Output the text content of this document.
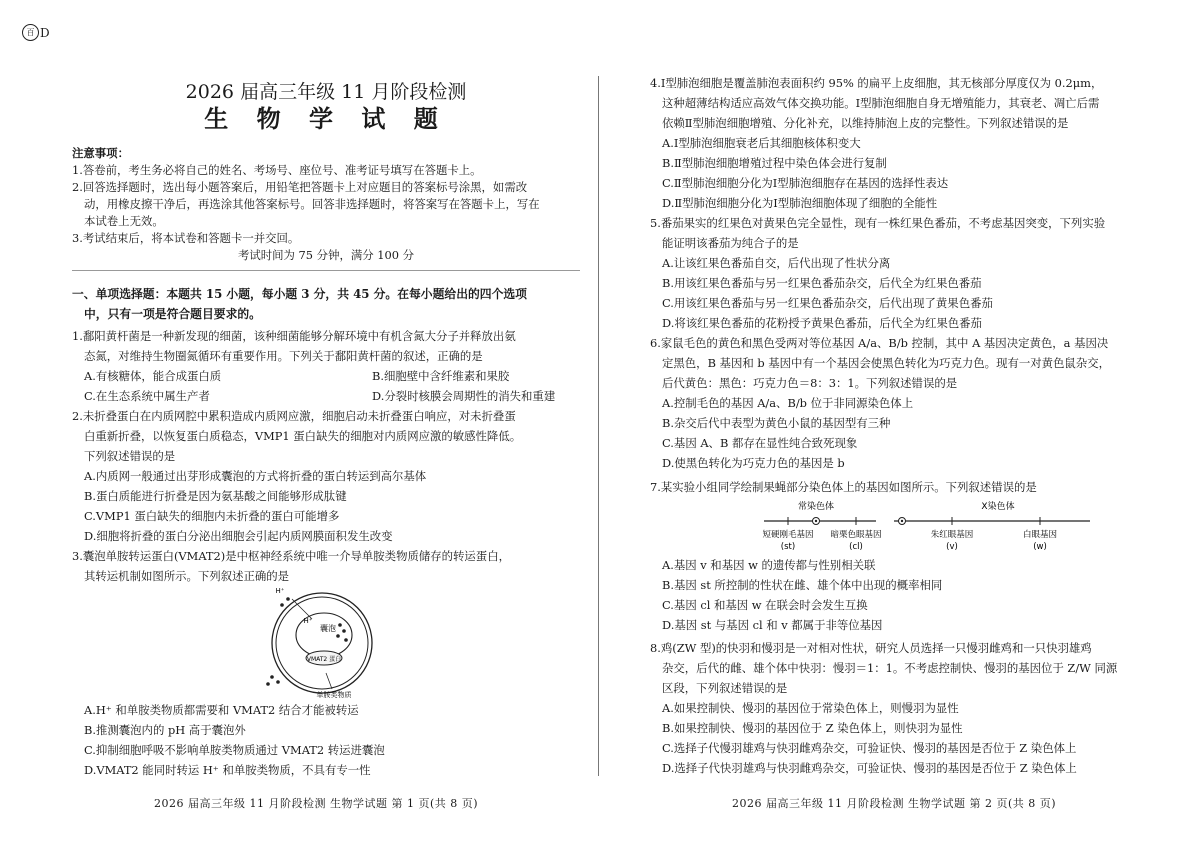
百 D
2026 届高三年级 11 月阶段检测
生 物 学 试 题
注意事项：
1.答卷前，考生务必将自己的姓名、考场号、座位号、准考证号填写在答题卡上。
2.回答选择题时，选出每小题答案后，用铅笔把答题卡上对应题目的答案标号涂黑，如需改
动，用橡皮擦干净后，再选涂其他答案标号。回答非选择题时，将答案写在答题卡上，写在
本试卷上无效。
3.考试结束后，将本试卷和答题卡一并交回。
考试时间为 75 分钟，满分 100 分
一、单项选择题：本题共 15 小题，每小题 3 分，共 45 分。在每小题给出的四个选项
中，只有一项是符合题目要求的。
1.鄱阳黄杆菌是一种新发现的细菌，该种细菌能够分解环境中有机含氮大分子并释放出氨
态氮，对维持生物圈氮循环有重要作用。下列关于鄱阳黄杆菌的叙述，正确的是
A.有核糖体，能合成蛋白质	B.细胞壁中含纤维素和果胶
C.在生态系统中属生产者	D.分裂时核膜会周期性的消失和重建
2.未折叠蛋白在内质网腔中累积造成内质网应激，细胞启动未折叠蛋白响应，对未折叠蛋
白重新折叠，以恢复蛋白质稳态，VMP1 蛋白缺失的细胞对内质网应激的敏感性降低。
下列叙述错误的是
A.内质网一般通过出芽形成囊泡的方式将折叠的蛋白转运到高尔基体
B.蛋白质能进行折叠是因为氨基酸之间能够形成肽键
C.VMP1 蛋白缺失的细胞内未折叠的蛋白可能增多
D.细胞将折叠的蛋白分泌出细胞会引起内质网膜面积发生改变
3.囊泡单胺转运蛋白(VMAT2)是中枢神经系统中唯一介导单胺类物质储存的转运蛋白，
其转运机制如图所示。下列叙述正确的是
VMAT2 蛋白
囊泡
H⁺
H⁺
单胺类物质
A.H⁺ 和单胺类物质都需要和 VMAT2 结合才能被转运
B.推测囊泡内的 pH 高于囊泡外
C.抑制细胞呼吸不影响单胺类物质通过 VMAT2 转运进囊泡
D.VMAT2 能同时转运 H⁺ 和单胺类物质，不具有专一性
2026 届高三年级 11 月阶段检测 生物学试题 第 1 页(共 8 页)
4.Ⅰ型肺泡细胞是覆盖肺泡表面积约 95% 的扁平上皮细胞，其无核部分厚度仅为 0.2μm，
这种超薄结构适应高效气体交换功能。Ⅰ型肺泡细胞自身无增殖能力，其衰老、凋亡后需
依赖Ⅱ型肺泡细胞增殖、分化补充，以维持肺泡上皮的完整性。下列叙述错误的是
A.Ⅰ型肺泡细胞衰老后其细胞核体积变大
B.Ⅱ型肺泡细胞增殖过程中染色体会进行复制
C.Ⅱ型肺泡细胞分化为Ⅰ型肺泡细胞存在基因的选择性表达
D.Ⅱ型肺泡细胞分化为Ⅰ型肺泡细胞体现了细胞的全能性
5.番茄果实的红果色对黄果色完全显性，现有一株红果色番茄，不考虑基因突变，下列实验
能证明该番茄为纯合子的是
A.让该红果色番茄自交，后代出现了性状分离
B.用该红果色番茄与另一红果色番茄杂交，后代全为红果色番茄
C.用该红果色番茄与另一红果色番茄杂交，后代出现了黄果色番茄
D.将该红果色番茄的花粉授予黄果色番茄，后代全为红果色番茄
6.家鼠毛色的黄色和黑色受两对等位基因 A/a、B/b 控制，其中 A 基因决定黄色，a 基因决
定黑色，B 基因和 b 基因中有一个基因会使黑色转化为巧克力色。现有一对黄色鼠杂交，
后代黄色：黑色：巧克力色＝8：3：1。下列叙述错误的是
A.控制毛色的基因 A/a、B/b 位于非同源染色体上
B.杂交后代中表型为黄色小鼠的基因型有三种
C.基因 A、B 都存在显性纯合致死现象
D.使黑色转化为巧克力色的基因是 b
7.某实验小组同学绘制果蝇部分染色体上的基因如图所示。下列叙述错误的是
常染色体	X染色体
短硬刚毛基因
(st)
暗栗色眼基因
(cl)
朱红眼基因
(v)
白眼基因
(w)
A.基因 v 和基因 w 的遗传都与性别相关联
B.基因 st 所控制的性状在雌、雄个体中出现的概率相同
C.基因 cl 和基因 w 在联会时会发生互换
D.基因 st 与基因 cl 和 v 都属于非等位基因
8.鸡(ZW 型)的快羽和慢羽是一对相对性状，研究人员选择一只慢羽雌鸡和一只快羽雄鸡
杂交，后代的雌、雄个体中快羽：慢羽＝1：1。不考虑控制快、慢羽的基因位于 Z/W 同源
区段，下列叙述错误的是
A.如果控制快、慢羽的基因位于常染色体上，则慢羽为显性
B.如果控制快、慢羽的基因位于 Z 染色体上，则快羽为显性
C.选择子代慢羽雄鸡与快羽雌鸡杂交，可验证快、慢羽的基因是否位于 Z 染色体上
D.选择子代快羽雄鸡与快羽雌鸡杂交，可验证快、慢羽的基因是否位于 Z 染色体上
2026 届高三年级 11 月阶段检测 生物学试题 第 2 页(共 8 页)
